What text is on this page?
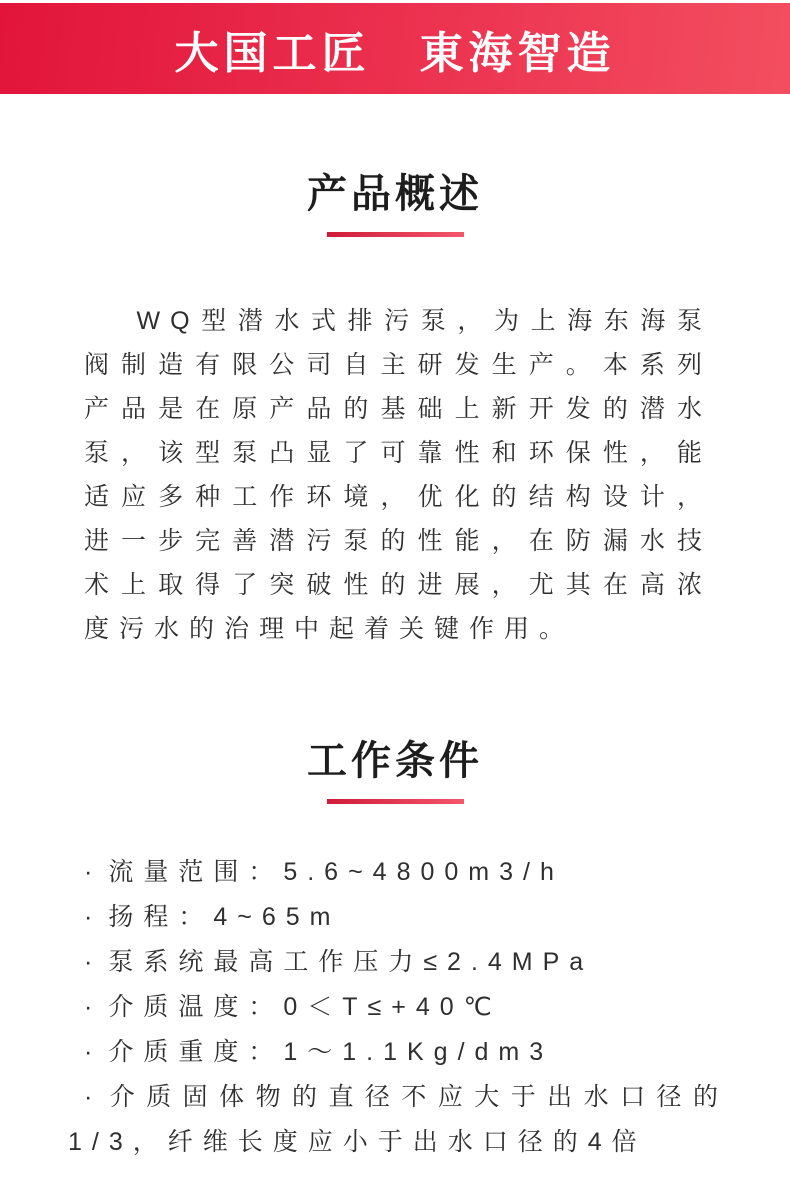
大国工匠　東海智造
产品概述

WQ型潜水式排污泵，为上海东海泵阀制造有限公司自主研发生产。本系列产品是在原产品的基础上新开发的潜水泵，该型泵凸显了可靠性和环保性，能适应多种工作环境，优化的结构设计，进一步完善潜污泵的性能，在防漏水技术上取得了突破性的进展，尤其在高浓度污水的治理中起着关键作用。

工作条件
· 流量范围：5.6~4800m3/h
· 扬程：4~65m
· 泵系统最高工作压力≤2.4MPa
· 介质温度：0＜T≤+40℃
· 介质重度：1～1.1Kg/dm3
· 介质固体物的直径不应大于出水口径的1/3，纤维长度应小于出水口径的4倍
